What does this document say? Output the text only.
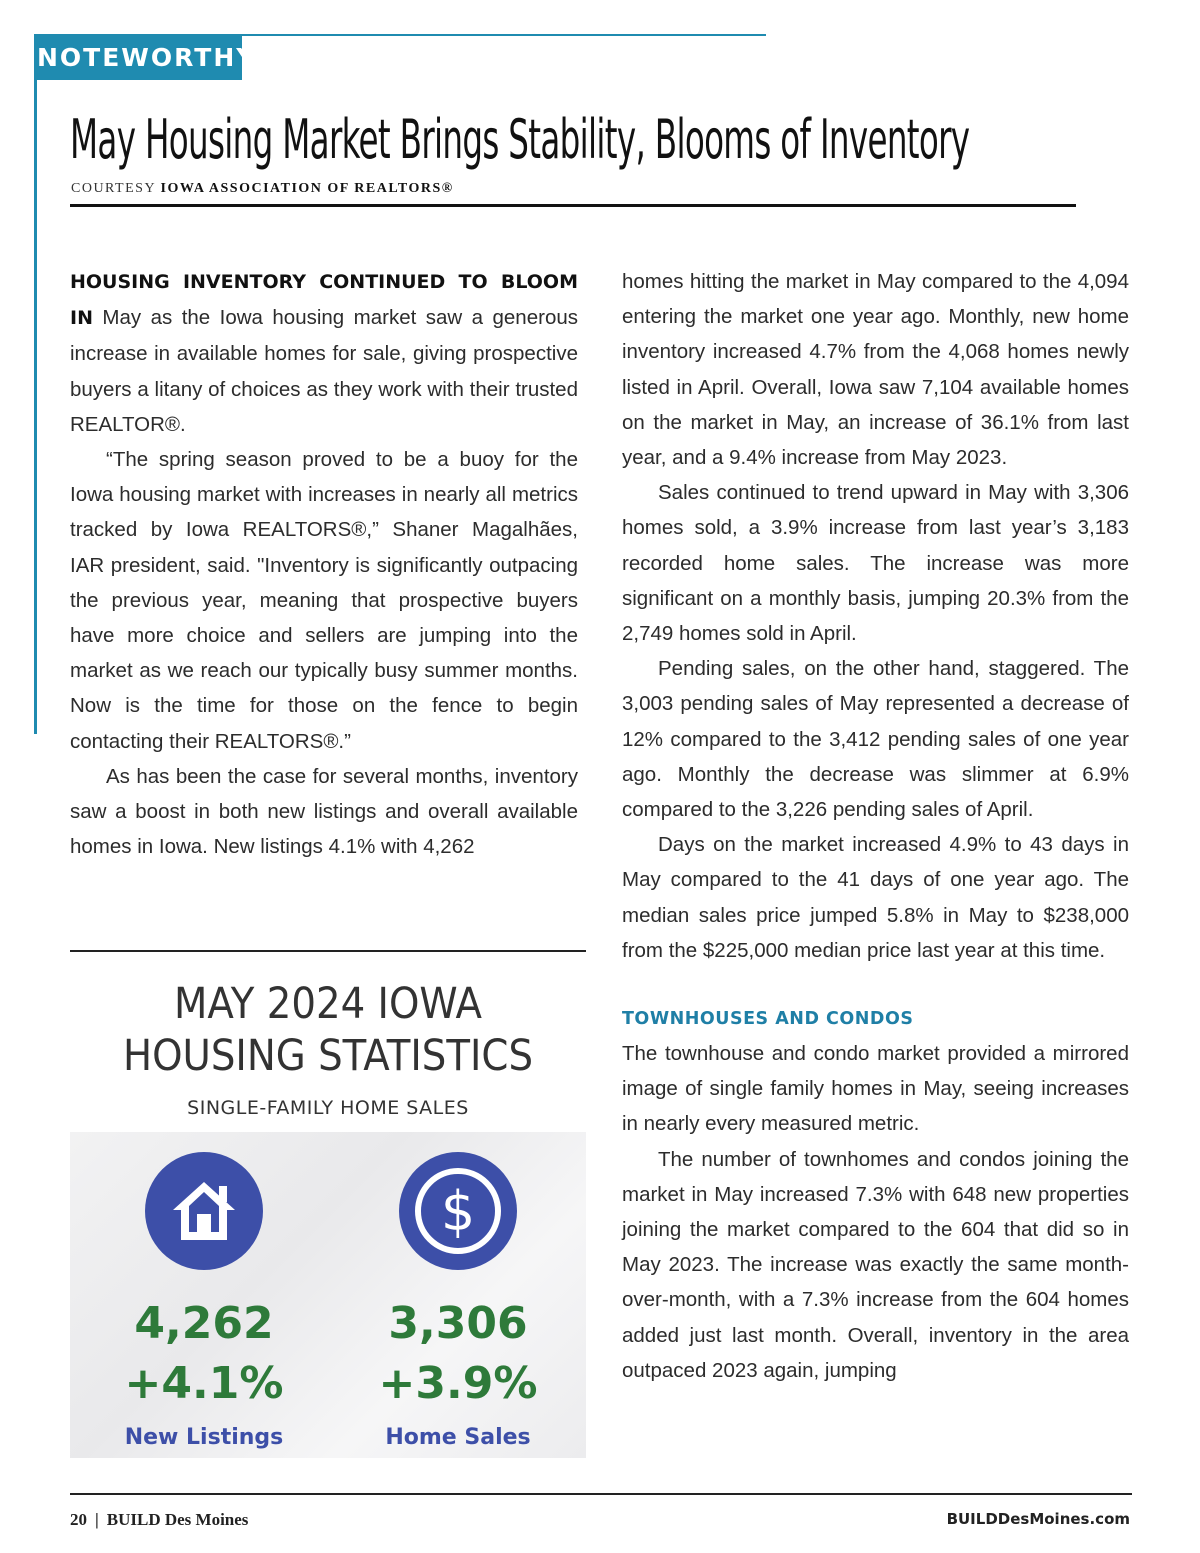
NOTEWORTHY
May Housing Market Brings Stability, Blooms of Inventory
COURTESY IOWA ASSOCIATION OF REALTORS®

HOUSING INVENTORY CONTINUED TO BLOOM IN May as the Iowa housing market saw a generous increase in available homes for sale, giving prospective buyers a litany of choices as they work with their trusted REALTOR®.

“The spring season proved to be a buoy for the Iowa housing market with increases in nearly all metrics tracked by Iowa REALTORS®,” Shaner Magalhães, IAR president, said. "Inventory is significantly outpacing the previous year, meaning that prospective buyers have more choice and sellers are jumping into the market as we reach our typically busy summer months. Now is the time for those on the fence to begin contacting their REALTORS®.”

As has been the case for several months, inventory saw a boost in both new listings and overall available homes in Iowa. New listings 4.1% with 4,262

homes hitting the market in May compared to the 4,094 entering the market one year ago. Monthly, new home inventory increased 4.7% from the 4,068 homes newly listed in April. Overall, Iowa saw 7,104 available homes on the market in May, an increase of 36.1% from last year, and a 9.4% increase from May 2023.

Sales continued to trend upward in May with 3,306 homes sold, a 3.9% increase from last year’s 3,183 recorded home sales. The increase was more significant on a monthly basis, jumping 20.3% from the 2,749 homes sold in April.

Pending sales, on the other hand, staggered. The 3,003 pending sales of May represented a decrease of 12% compared to the 3,412 pending sales of one year ago. Monthly the decrease was slimmer at 6.9% compared to the 3,226 pending sales of April.

Days on the market increased 4.9% to 43 days in May compared to the 41 days of one year ago. The median sales price jumped 5.8% in May to $238,000 from the $225,000 median price last year at this time.

TOWNHOUSES AND CONDOS

The townhouse and condo market provided a mirrored image of single family homes in May, seeing increases in nearly every measured metric.

The number of townhomes and condos joining the market in May increased 7.3% with 648 new properties joining the market compared to the 604 that did so in May 2023. The increase was exactly the same month-over-month, with a 7.3% increase from the 604 homes added just last month. Overall, inventory in the area outpaced 2023 again, jumping

MAY 2024 IOWA
HOUSING STATISTICS
SINGLE-FAMILY HOME SALES
4,262
+4.1%
New Listings
$
3,306
+3.9%
Home Sales
20 | BUILD Des Moines	BUILDDesMoines.com
